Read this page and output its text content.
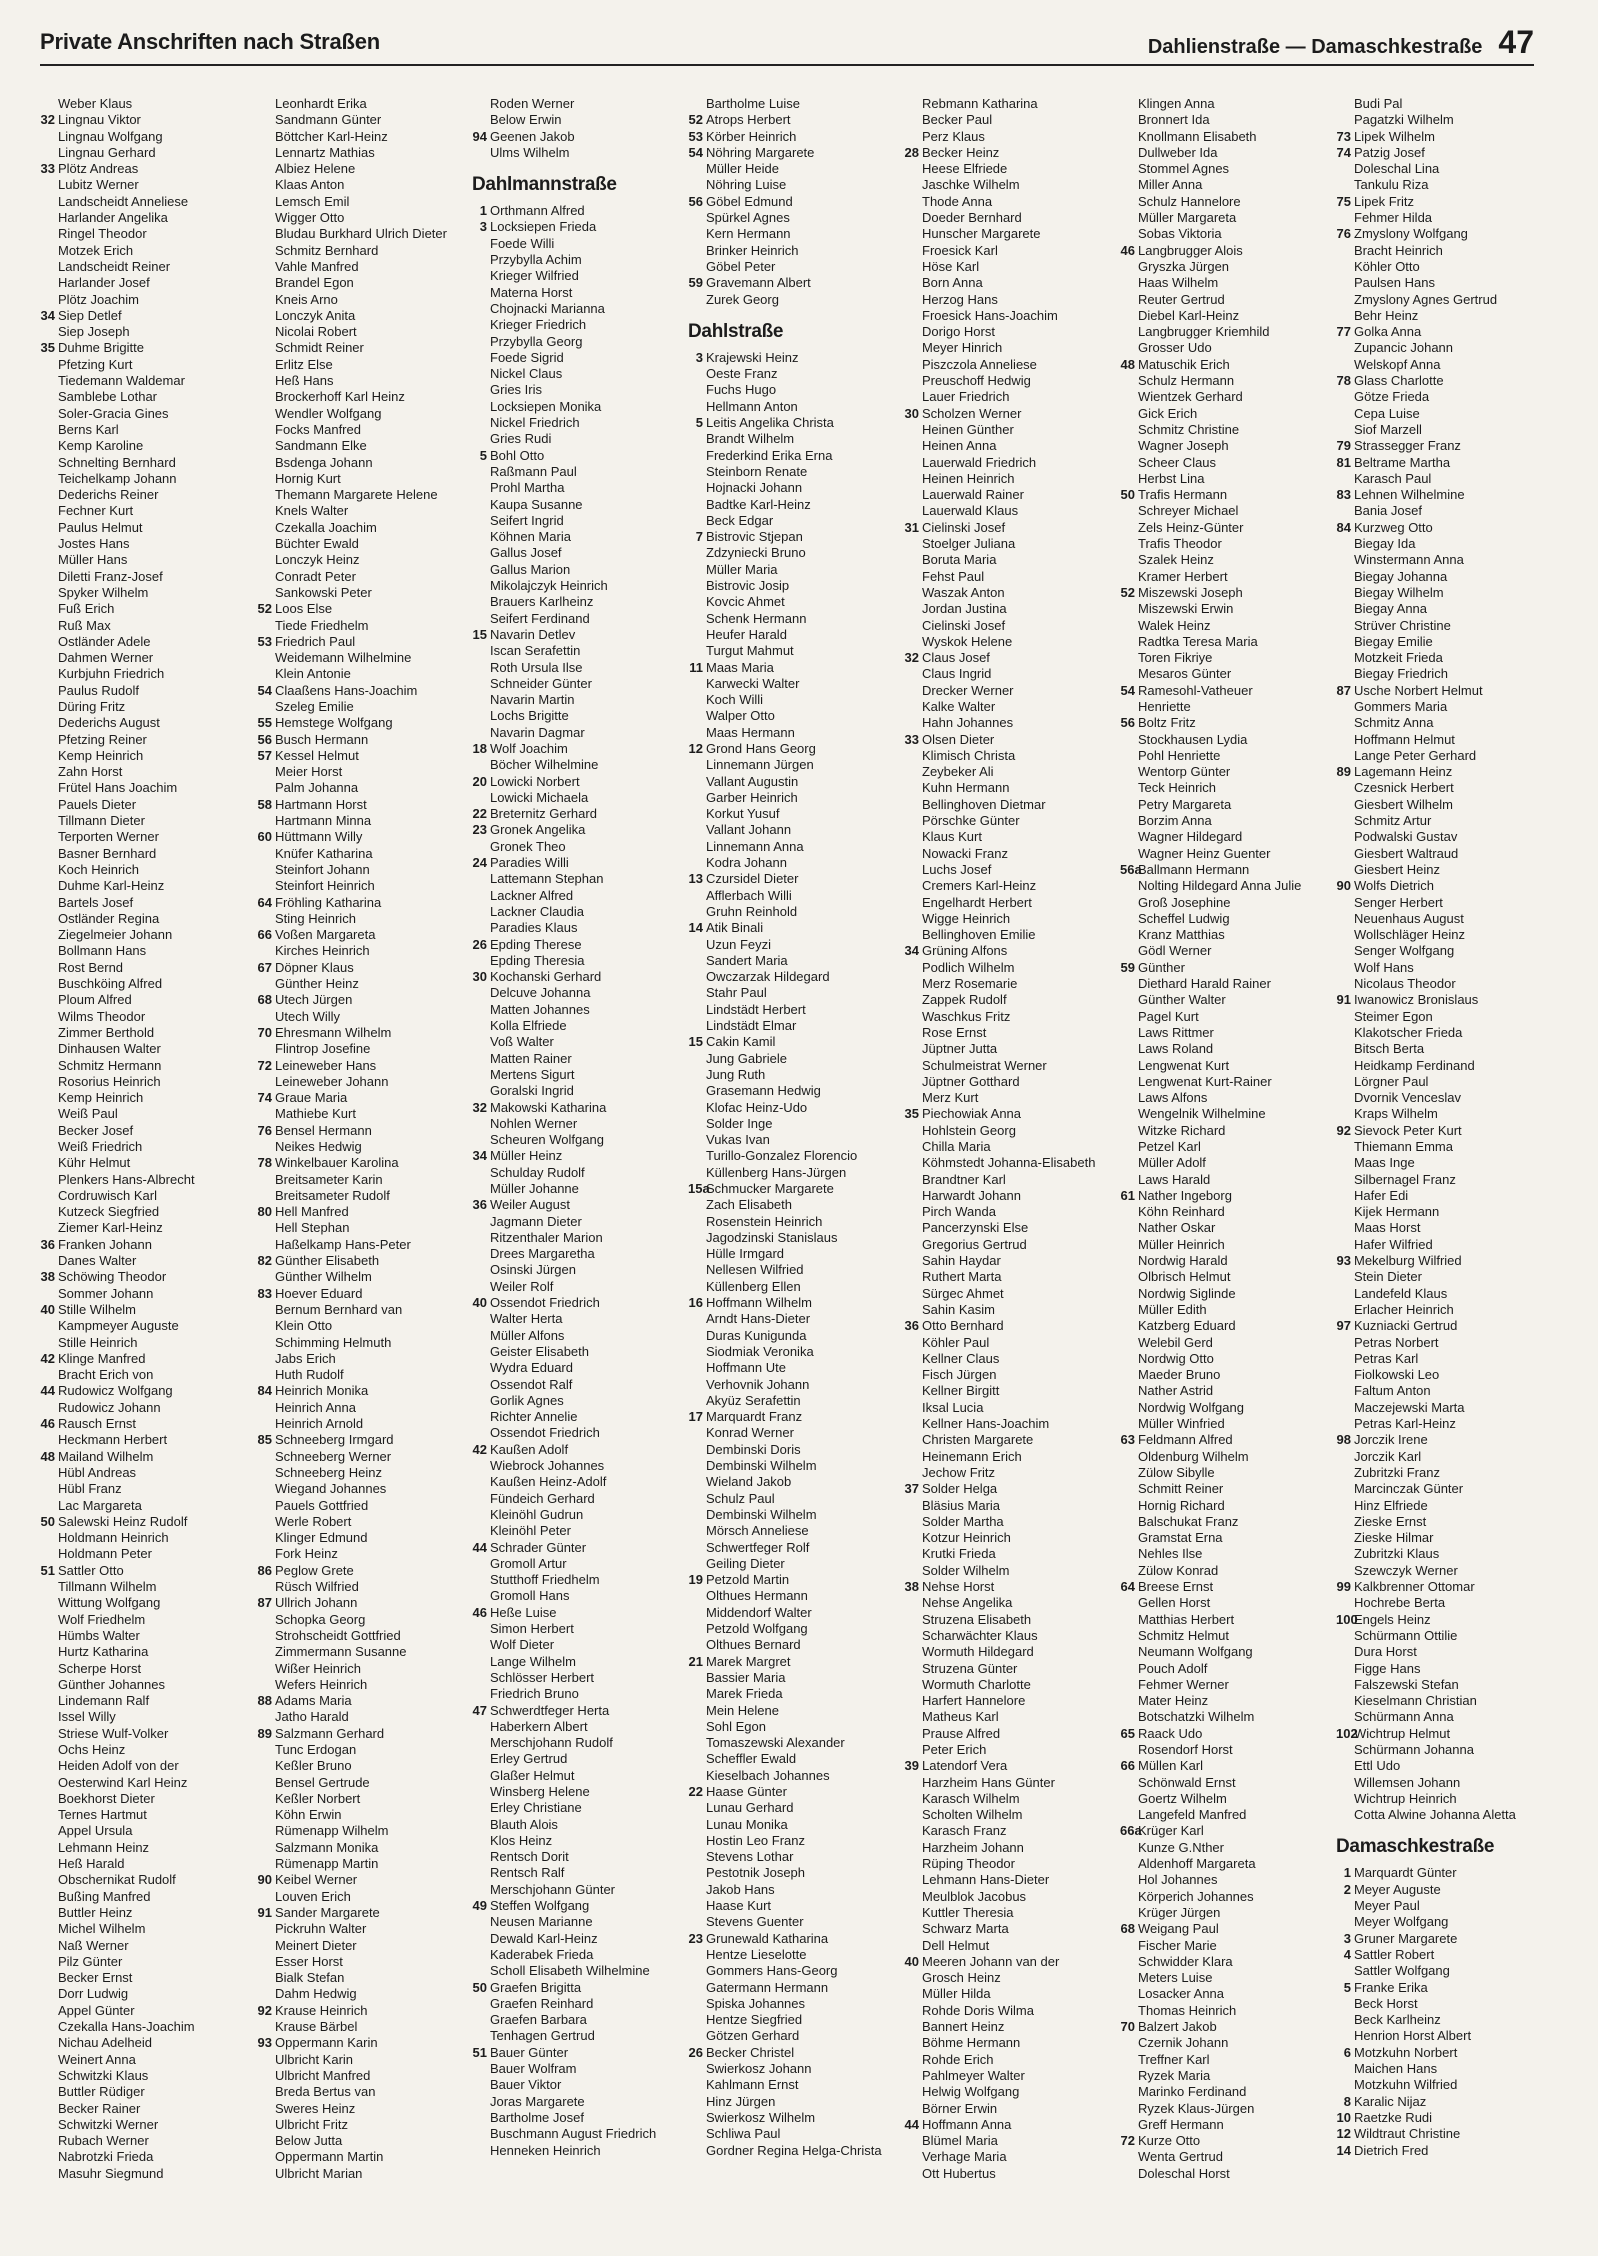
Private Anschriften nach Straßen	Dahlienstraße — Damaschkestraße 47
Weber Klaus
32 Lingnau Viktor
Lingnau Wolfgang
Lingnau Gerhard
33 Plötz Andreas
Lubitz Werner
Landscheidt Anneliese
Harlander Angelika
Ringel Theodor
Motzek Erich
Landscheidt Reiner
Harlander Josef
Plötz Joachim
34 Siep Detlef
Siep Joseph
35 Duhme Brigitte
Pfetzing Kurt
Tiedemann Waldemar
Samblebe Lothar
Soler-Gracia Gines
Berns Karl
Kemp Karoline
Schnelting Bernhard
Teichelkamp Johann
Dederichs Reiner
Fechner Kurt
Paulus Helmut
Jostes Hans
Müller Hans
Diletti Franz-Josef
Spyker Wilhelm
Fuß Erich
Ruß Max
Ostländer Adele
Dahmen Werner
Kurbjuhn Friedrich
Paulus Rudolf
Düring Fritz
Dederichs August
Pfetzing Reiner
Kemp Heinrich
Zahn Horst
Frütel Hans Joachim
Pauels Dieter
Tillmann Dieter
Terporten Werner
Basner Bernhard
Koch Heinrich
Duhme Karl-Heinz
Bartels Josef
Ostländer Regina
Ziegelmeier Johann
Bollmann Hans
Rost Bernd
Buschköing Alfred
Ploum Alfred
Wilms Theodor
Zimmer Berthold
Dinhausen Walter
Schmitz Hermann
Rosorius Heinrich
Kemp Heinrich
Weiß Paul
Becker Josef
Weiß Friedrich
Kühr Helmut
Plenkers Hans-Albrecht
Cordruwisch Karl
Kutzeck Siegfried
Ziemer Karl-Heinz
36 Franken Johann
Danes Walter
38 Schöwing Theodor
Sommer Johann
40 Stille Wilhelm
Kampmeyer Auguste
Stille Heinrich
42 Klinge Manfred
Bracht Erich von
44 Rudowicz Wolfgang
Rudowicz Johann
46 Rausch Ernst
Heckmann Herbert
48 Mailand Wilhelm
Hübl Andreas
Hübl Franz
Lac Margareta
50 Salewski Heinz Rudolf
Holdmann Heinrich
Holdmann Peter
51 Sattler Otto
Tillmann Wilhelm
Wittung Wolfgang
Wolf Friedhelm
Hümbs Walter
Hurtz Katharina
Scherpe Horst
Günther Johannes
Lindemann Ralf
Issel Willy
Striese Wulf-Volker
Ochs Heinz
Heiden Adolf von der
Oesterwind Karl Heinz
Boekhorst Dieter
Ternes Hartmut
Appel Ursula
Lehmann Heinz
Heß Harald
Obschernikat Rudolf
Bußing Manfred
Buttler Heinz
Michel Wilhelm
Naß Werner
Pilz Günter
Becker Ernst
Dorr Ludwig
Appel Günter
Czekalla Hans-Joachim
Nichau Adelheid
Weinert Anna
Schwitzki Klaus
Buttler Rüdiger
Becker Rainer
Schwitzki Werner
Rubach Werner
Nabrotzki Frieda
Masuhr Siegmund
Leonhardt Erika
Sandmann Günter
Böttcher Karl-Heinz
Lennartz Mathias
Albiez Helene
Klaas Anton
Lemsch Emil
Wigger Otto
Bludau Burkhard Ulrich Dieter
Schmitz Bernhard
Vahle Manfred
Brandel Egon
Kneis Arno
Lonczyk Anita
Nicolai Robert
Schmidt Reiner
Erlitz Else
Heß Hans
Brockerhoff Karl Heinz
Wendler Wolfgang
Focks Manfred
Sandmann Elke
Bsdenga Johann
Hornig Kurt
Themann Margarete Helene
Knels Walter
Czekalla Joachim
Büchter Ewald
Lonczyk Heinz
Conradt Peter
Sankowski Peter
52 Loos Else
Tiede Friedhelm
53 Friedrich Paul
Weidemann Wilhelmine
Klein Antonie
54 Claaßens Hans-Joachim
Szeleg Emilie
55 Hemstege Wolfgang
56 Busch Hermann
57 Kessel Helmut
Meier Horst
Palm Johanna
58 Hartmann Horst
Hartmann Minna
60 Hüttmann Willy
Knüfer Katharina
Steinfort Johann
Steinfort Heinrich
64 Fröhling Katharina
Sting Heinrich
66 Voßen Margareta
Kirches Heinrich
67 Döpner Klaus
Günther Heinz
68 Utech Jürgen
Utech Willy
70 Ehresmann Wilhelm
Flintrop Josefine
72 Leineweber Hans
Leineweber Johann
74 Graue Maria
Mathiebe Kurt
76 Bensel Hermann
Neikes Hedwig
78 Winkelbauer Karolina
Breitsameter Karin
Breitsameter Rudolf
80 Hell Manfred
Hell Stephan
Haßelkamp Hans-Peter
82 Günther Elisabeth
Günther Wilhelm
83 Hoever Eduard
Bernum Bernhard van
Klein Otto
Schimming Helmuth
Jabs Erich
Huth Rudolf
84 Heinrich Monika
Heinrich Anna
Heinrich Arnold
85 Schneeberg Irmgard
Schneeberg Werner
Schneeberg Heinz
Wiegand Johannes
Pauels Gottfried
Werle Robert
Klinger Edmund
Fork Heinz
86 Peglow Grete
Rüsch Wilfried
87 Ullrich Johann
Schopka Georg
Strohscheidt Gottfried
Zimmermann Susanne
Wißer Heinrich
Wefers Heinrich
88 Adams Maria
Jatho Harald
89 Salzmann Gerhard
Tunc Erdogan
Keßler Bruno
Bensel Gertrude
Keßler Norbert
Köhn Erwin
Rümenapp Wilhelm
Salzmann Monika
Rümenapp Martin
90 Keibel Werner
Louven Erich
91 Sander Margarete
Pickruhn Walter
Meinert Dieter
Esser Horst
Bialk Stefan
Dahm Hedwig
92 Krause Heinrich
Krause Bärbel
93 Oppermann Karin
Ulbricht Karin
Ulbricht Manfred
Breda Bertus van
Sweres Heinz
Ulbricht Fritz
Below Jutta
Oppermann Martin
Ulbricht Marian
Roden Werner
Below Erwin
94 Geenen Jakob
Ulms Wilhelm
Dahlmannstraße
1 Orthmann Alfred
3 Locksiepen Frieda
Foede Willi
Przybylla Achim
Krieger Wilfried
Materna Horst
Chojnacki Marianna
Krieger Friedrich
Przybylla Georg
Foede Sigrid
Nickel Claus
Gries Iris
Locksiepen Monika
Nickel Friedrich
Gries Rudi
5 Bohl Otto
Raßmann Paul
Prohl Martha
Kaupa Susanne
Seifert Ingrid
Köhnen Maria
Gallus Josef
Gallus Marion
Mikolajczyk Heinrich
Brauers Karlheinz
Seifert Ferdinand
15 Navarin Detlev
Iscan Serafettin
Roth Ursula Ilse
Schneider Günter
Navarin Martin
Lochs Brigitte
Navarin Dagmar
18 Wolf Joachim
Böcher Wilhelmine
20 Lowicki Norbert
Lowicki Michaela
22 Breternitz Gerhard
23 Gronek Angelika
Gronek Theo
24 Paradies Willi
Lattemann Stephan
Lackner Alfred
Lackner Claudia
Paradies Klaus
26 Epding Therese
Epding Theresia
30 Kochanski Gerhard
Delcuve Johanna
Matten Johannes
Kolla Elfriede
Voß Walter
Matten Rainer
Mertens Sigurt
Goralski Ingrid
32 Makowski Katharina
Nohlen Werner
Scheuren Wolfgang
34 Müller Heinz
Schulday Rudolf
Müller Johanne
36 Weiler August
Jagmann Dieter
Ritzenthaler Marion
Drees Margaretha
Osinski Jürgen
Weiler Rolf
40 Ossendot Friedrich
Walter Herta
Müller Alfons
Geister Elisabeth
Wydra Eduard
Ossendot Ralf
Gorlik Agnes
Richter Annelie
Ossendot Friedrich
42 Kaußen Adolf
Wiebrock Johannes
Kaußen Heinz-Adolf
Fündeich Gerhard
Kleinöhl Gudrun
Kleinöhl Peter
44 Schrader Günter
Gromoll Artur
Stutthoff Friedhelm
Gromoll Hans
46 Heße Luise
Simon Herbert
Wolf Dieter
Lange Wilhelm
Schlösser Herbert
Friedrich Bruno
47 Schwerdtfeger Herta
Haberkern Albert
Merschjohann Rudolf
Erley Gertrud
Glaßer Helmut
Winsberg Helene
Erley Christiane
Blauth Alois
Klos Heinz
Rentsch Dorit
Rentsch Ralf
Merschjohann Günter
49 Steffen Wolfgang
Neusen Marianne
Dewald Karl-Heinz
Kaderabek Frieda
Scholl Elisabeth Wilhelmine
50 Graefen Brigitta
Graefen Reinhard
Graefen Barbara
Tenhagen Gertrud
51 Bauer Günter
Bauer Wolfram
Bauer Viktor
Joras Margarete
Bartholme Josef
Buschmann August Friedrich
Henneken Heinrich
Bartholme Luise
52 Atrops Herbert
53 Körber Heinrich
54 Nöhring Margarete
Müller Heide
Nöhring Luise
56 Göbel Edmund
Spürkel Agnes
Kern Hermann
Brinker Heinrich
Göbel Peter
59 Gravemann Albert
Zurek Georg
Dahlstraße
3 Krajewski Heinz
Oeste Franz
Fuchs Hugo
Hellmann Anton
5 Leitis Angelika Christa
Brandt Wilhelm
Frederkind Erika Erna
Steinborn Renate
Hojnacki Johann
Badtke Karl-Heinz
Beck Edgar
7 Bistrovic Stjepan
Zdzyniecki Bruno
Müller Maria
Bistrovic Josip
Kovcic Ahmet
Schenk Hermann
Heufer Harald
Turgut Mahmut
11 Maas Maria
Karwecki Walter
Koch Willi
Walper Otto
Maas Hermann
12 Grond Hans Georg
Linnemann Jürgen
Vallant Augustin
Garber Heinrich
Korkut Yusuf
Vallant Johann
Linnemann Anna
Kodra Johann
13 Czursidel Dieter
Afflerbach Willi
Gruhn Reinhold
14 Atik Binali
Uzun Feyzi
Sandert Maria
Owczarzak Hildegard
Stahr Paul
Lindstädt Herbert
Lindstädt Elmar
15 Cakin Kamil
Jung Gabriele
Jung Ruth
Grasemann Hedwig
Klofac Heinz-Udo
Solder Inge
Vukas Ivan
Turillo-Gonzalez Florencio
Küllenberg Hans-Jürgen
15aSchmucker Margarete
Zach Elisabeth
Rosenstein Heinrich
Jagodzinski Stanislaus
Hülle Irmgard
Nellesen Wilfried
Küllenberg Ellen
16 Hoffmann Wilhelm
Arndt Hans-Dieter
Duras Kunigunda
Siodmiak Veronika
Hoffmann Ute
Verhovnik Johann
Akyüz Serafettin
17 Marquardt Franz
Konrad Werner
Dembinski Doris
Dembinski Wilhelm
Wieland Jakob
Schulz Paul
Dembinski Wilhelm
Mörsch Anneliese
Schwertfeger Rolf
Geiling Dieter
19 Petzold Martin
Olthues Hermann
Middendorf Walter
Petzold Wolfgang
Olthues Bernard
21 Marek Margret
Bassier Maria
Marek Frieda
Mein Helene
Sohl Egon
Tomaszewski Alexander
Scheffler Ewald
Kieselbach Johannes
22 Haase Günter
Lunau Gerhard
Lunau Monika
Hostin Leo Franz
Stevens Lothar
Pestotnik Joseph
Jakob Hans
Haase Kurt
Stevens Guenter
23 Grunewald Katharina
Hentze Lieselotte
Gommers Hans-Georg
Gatermann Hermann
Spiska Johannes
Hentze Siegfried
Götzen Gerhard
26 Becker Christel
Swierkosz Johann
Kahlmann Ernst
Hinz Jürgen
Swierkosz Wilhelm
Schliwa Paul
Gordner Regina Helga-Christa
Rebmann Katharina
Becker Paul
Perz Klaus
28 Becker Heinz
Heese Elfriede
Jaschke Wilhelm
Thode Anna
Doeder Bernhard
Hunscher Margarete
Froesick Karl
Höse Karl
Born Anna
Herzog Hans
Froesick Hans-Joachim
Dorigo Horst
Meyer Hinrich
Piszczola Anneliese
Preuschoff Hedwig
Lauer Friedrich
30 Scholzen Werner
Heinen Günther
Heinen Anna
Lauerwald Friedrich
Heinen Heinrich
Lauerwald Rainer
Lauerwald Klaus
31 Cielinski Josef
Stoelger Juliana
Boruta Maria
Fehst Paul
Waszak Anton
Jordan Justina
Cielinski Josef
Wyskok Helene
32 Claus Josef
Claus Ingrid
Drecker Werner
Kalke Walter
Hahn Johannes
33 Olsen Dieter
Klimisch Christa
Zeybeker Ali
Kuhn Hermann
Bellinghoven Dietmar
Pörschke Günter
Klaus Kurt
Nowacki Franz
Luchs Josef
Cremers Karl-Heinz
Engelhardt Herbert
Wigge Heinrich
Bellinghoven Emilie
34 Grüning Alfons
Podlich Wilhelm
Merz Rosemarie
Zappek Rudolf
Waschkus Fritz
Rose Ernst
Jüptner Jutta
Schulmeistrat Werner
Jüptner Gotthard
Merz Kurt
35 Piechowiak Anna
Hohlstein Georg
Chilla Maria
Köhmstedt Johanna-Elisabeth
Brandtner Karl
Harwardt Johann
Pirch Wanda
Pancerzynski Else
Gregorius Gertrud
Sahin Haydar
Ruthert Marta
Sürgec Ahmet
Sahin Kasim
36 Otto Bernhard
Köhler Paul
Kellner Claus
Fisch Jürgen
Kellner Birgitt
Iksal Lucia
Kellner Hans-Joachim
Christen Margarete
Heinemann Erich
Jechow Fritz
37 Solder Helga
Bläsius Maria
Solder Martha
Kotzur Heinrich
Krutki Frieda
Solder Wilhelm
38 Nehse Horst
Nehse Angelika
Struzena Elisabeth
Scharwächter Klaus
Wormuth Hildegard
Struzena Günter
Wormuth Charlotte
Harfert Hannelore
Matheus Karl
Prause Alfred
Peter Erich
39 Latendorf Vera
Harzheim Hans Günter
Karasch Wilhelm
Scholten Wilhelm
Karasch Franz
Harzheim Johann
Rüping Theodor
Lehmann Hans-Dieter
Meulblok Jacobus
Kuttler Theresia
Schwarz Marta
Dell Helmut
40 Meeren Johann van der
Grosch Heinz
Müller Hilda
Rohde Doris Wilma
Bannert Heinz
Böhme Hermann
Rohde Erich
Pahlmeyer Walter
Helwig Wolfgang
Börner Erwin
44 Hoffmann Anna
Blümel Maria
Verhage Maria
Ott Hubertus
Klingen Anna
Bronnert Ida
Knollmann Elisabeth
Dullweber Ida
Stommel Agnes
Miller Anna
Schulz Hannelore
Müller Margareta
Sobas Viktoria
46 Langbrugger Alois
Gryszka Jürgen
Haas Wilhelm
Reuter Gertrud
Diebel Karl-Heinz
Langbrugger Kriemhild
Grosser Udo
48 Matuschik Erich
Schulz Hermann
Wientzek Gerhard
Gick Erich
Schmitz Christine
Wagner Joseph
Scheer Claus
Herbst Lina
50 Trafis Hermann
Schreyer Michael
Zels Heinz-Günter
Trafis Theodor
Szalek Heinz
Kramer Herbert
52 Miszewski Joseph
Miszewski Erwin
Walek Heinz
Radtka Teresa Maria
Toren Fikriye
Mesaros Günter
54 Ramesohl-Vatheuer
Henriette
56 Boltz Fritz
Stockhausen Lydia
Pohl Henriette
Wentorp Günter
Teck Heinrich
Petry Margareta
Borzim Anna
Wagner Hildegard
Wagner Heinz Guenter
56aBallmann Hermann
Nolting Hildegard Anna Julie
Groß Josephine
Scheffel Ludwig
Kranz Matthias
Gödl Werner
59 Günther
Diethard Harald Rainer
Günther Walter
Pagel Kurt
Laws Rittmer
Laws Roland
Lengwenat Kurt
Lengwenat Kurt-Rainer
Laws Alfons
Wengelnik Wilhelmine
Witzke Richard
Petzel Karl
Müller Adolf
Laws Harald
61 Nather Ingeborg
Köhn Reinhard
Nather Oskar
Müller Heinrich
Nordwig Harald
Olbrisch Helmut
Nordwig Siglinde
Müller Edith
Katzberg Eduard
Welebil Gerd
Nordwig Otto
Maeder Bruno
Nather Astrid
Nordwig Wolfgang
Müller Winfried
63 Feldmann Alfred
Oldenburg Wilhelm
Zülow Sibylle
Schmitt Reiner
Hornig Richard
Balschukat Franz
Gramstat Erna
Nehles Ilse
Zülow Konrad
64 Breese Ernst
Gellen Horst
Matthias Herbert
Schmitz Helmut
Neumann Wolfgang
Pouch Adolf
Fehmer Werner
Mater Heinz
Botschatzki Wilhelm
65 Raack Udo
Rosendorf Horst
66 Müllen Karl
Schönwald Ernst
Goertz Wilhelm
Langefeld Manfred
66aKrüger Karl
Kunze G.Nther
Aldenhoff Margareta
Hol Johannes
Körperich Johannes
Krüger Jürgen
68 Weigang Paul
Fischer Marie
Schwidder Klara
Meters Luise
Losacker Anna
Thomas Heinrich
70 Balzert Jakob
Czernik Johann
Treffner Karl
Ryzek Maria
Marinko Ferdinand
Ryzek Klaus-Jürgen
Greff Hermann
72 Kurze Otto
Wenta Gertrud
Doleschal Horst
Budi Pal
Pagatzki Wilhelm
73 Lipek Wilhelm
74 Patzig Josef
Doleschal Lina
Tankulu Riza
75 Lipek Fritz
Fehmer Hilda
76 Zmyslony Wolfgang
Bracht Heinrich
Köhler Otto
Paulsen Hans
Zmyslony Agnes Gertrud
Behr Heinz
77 Golka Anna
Zupancic Johann
Welskopf Anna
78 Glass Charlotte
Götze Frieda
Cepa Luise
Siof Marzell
79 Strassegger Franz
81 Beltrame Martha
Karasch Paul
83 Lehnen Wilhelmine
Bania Josef
84 Kurzweg Otto
Biegay Ida
Winstermann Anna
Biegay Johanna
Biegay Wilhelm
Biegay Anna
Strüver Christine
Biegay Emilie
Motzkeit Frieda
Biegay Friedrich
87 Usche Norbert Helmut
Gommers Maria
Schmitz Anna
Hoffmann Helmut
Lange Peter Gerhard
89 Lagemann Heinz
Czesnick Herbert
Giesbert Wilhelm
Schmitz Artur
Podwalski Gustav
Giesbert Waltraud
Giesbert Heinz
90 Wolfs Dietrich
Senger Herbert
Neuenhaus August
Wollschläger Heinz
Senger Wolfgang
Wolf Hans
Nicolaus Theodor
91 Iwanowicz Bronislaus
Steimer Egon
Klakotscher Frieda
Bitsch Berta
Heidkamp Ferdinand
Lörgner Paul
Dvornik Venceslav
Kraps Wilhelm
92 Sievock Peter Kurt
Thiemann Emma
Maas Inge
Silbernagel Franz
Hafer Edi
Kijek Hermann
Maas Horst
Hafer Wilfried
93 Mekelburg Wilfried
Stein Dieter
Landefeld Klaus
Erlacher Heinrich
97 Kuzniacki Gertrud
Petras Norbert
Petras Karl
Fiolkowski Leo
Faltum Anton
Maczejewski Marta
Petras Karl-Heinz
98 Jorczik Irene
Jorczik Karl
Zubritzki Franz
Marcinczak Günter
Hinz Elfriede
Zieske Ernst
Zieske Hilmar
Zubritzki Klaus
Szewczyk Werner
99 Kalkbrenner Ottomar
Hochrebe Berta
100Engels Heinz
Schürmann Ottilie
Dura Horst
Figge Hans
Falszewski Stefan
Kieselmann Christian
Schürmann Anna
102Wichtrup Helmut
Schürmann Johanna
Ettl Udo
Willemsen Johann
Wichtrup Heinrich
Cotta Alwine Johanna Aletta
Damaschkestraße
1 Marquardt Günter
2 Meyer Auguste
Meyer Paul
Meyer Wolfgang
3 Gruner Margarete
4 Sattler Robert
Sattler Wolfgang
5 Franke Erika
Beck Horst
Beck Karlheinz
Henrion Horst Albert
6 Motzkuhn Norbert
Maichen Hans
Motzkuhn Wilfried
8 Karalic Nijaz
10 Raetzke Rudi
12 Wildtraut Christine
14 Dietrich Fred
